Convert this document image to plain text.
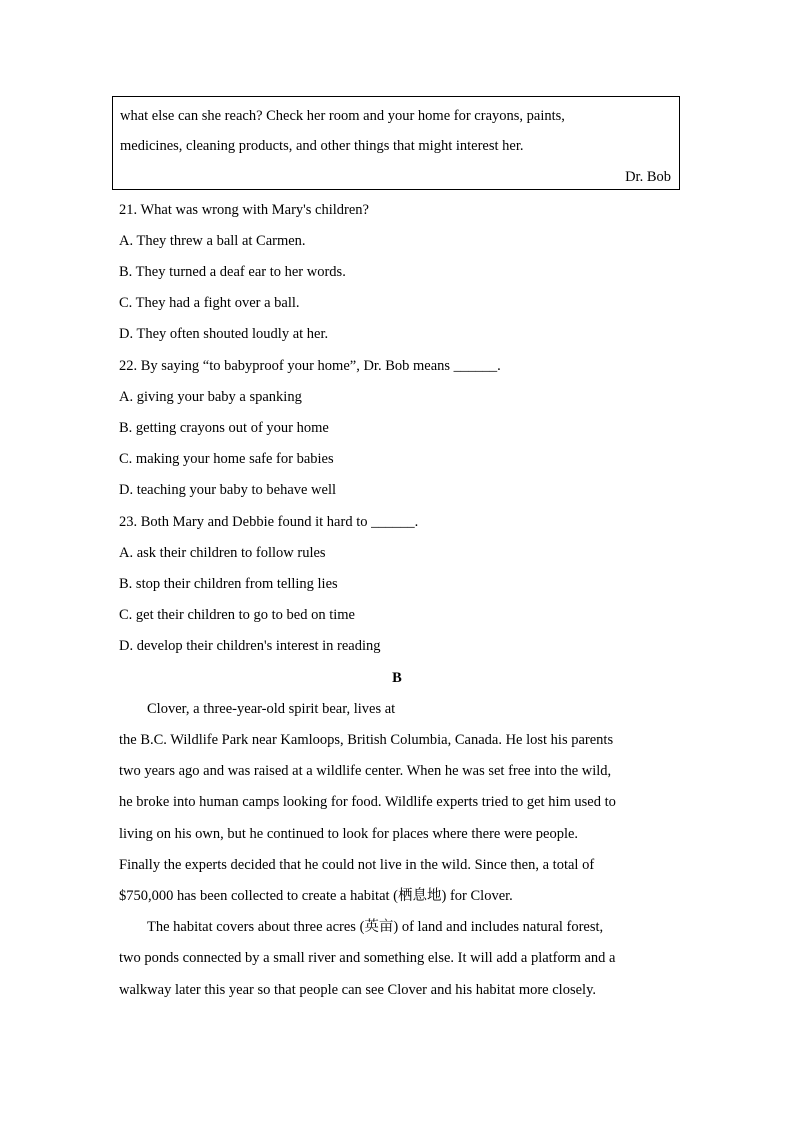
what else can she reach? Check her room and your home for crayons, paints,
medicines, cleaning products, and other things that might interest her.
Dr. Bob
21. What was wrong with Mary's children?
A. They threw a ball at Carmen.
B. They turned a deaf ear to her words.
C. They had a fight over a ball.
D. They often shouted loudly at her.
22. By saying “to babyproof your home”, Dr. Bob means ______.
A. giving your baby a spanking
B. getting crayons out of your home
C. making your home safe for babies
D. teaching your baby to behave well
23. Both Mary and Debbie found it hard to ______.
A. ask their children to follow rules
B. stop their children from telling lies
C. get their children to go to bed on time
D. develop their children's interest in reading
B
Clover, a three-year-old spirit bear, lives at
the B.C. Wildlife Park near Kamloops, British Columbia, Canada. He lost his parents
two years ago and was raised at a wildlife center. When he was set free into the wild,
he broke into human camps looking for food. Wildlife experts tried to get him used to
living on his own, but he continued to look for places where there were people.
Finally the experts decided that he could not live in the wild. Since then, a total of
$750,000 has been collected to create a habitat (栖息地) for Clover.
The habitat covers about three acres (英亩) of land and includes natural forest,
two ponds connected by a small river and something else. It will add a platform and a
walkway later this year so that people can see Clover and his habitat more closely.
